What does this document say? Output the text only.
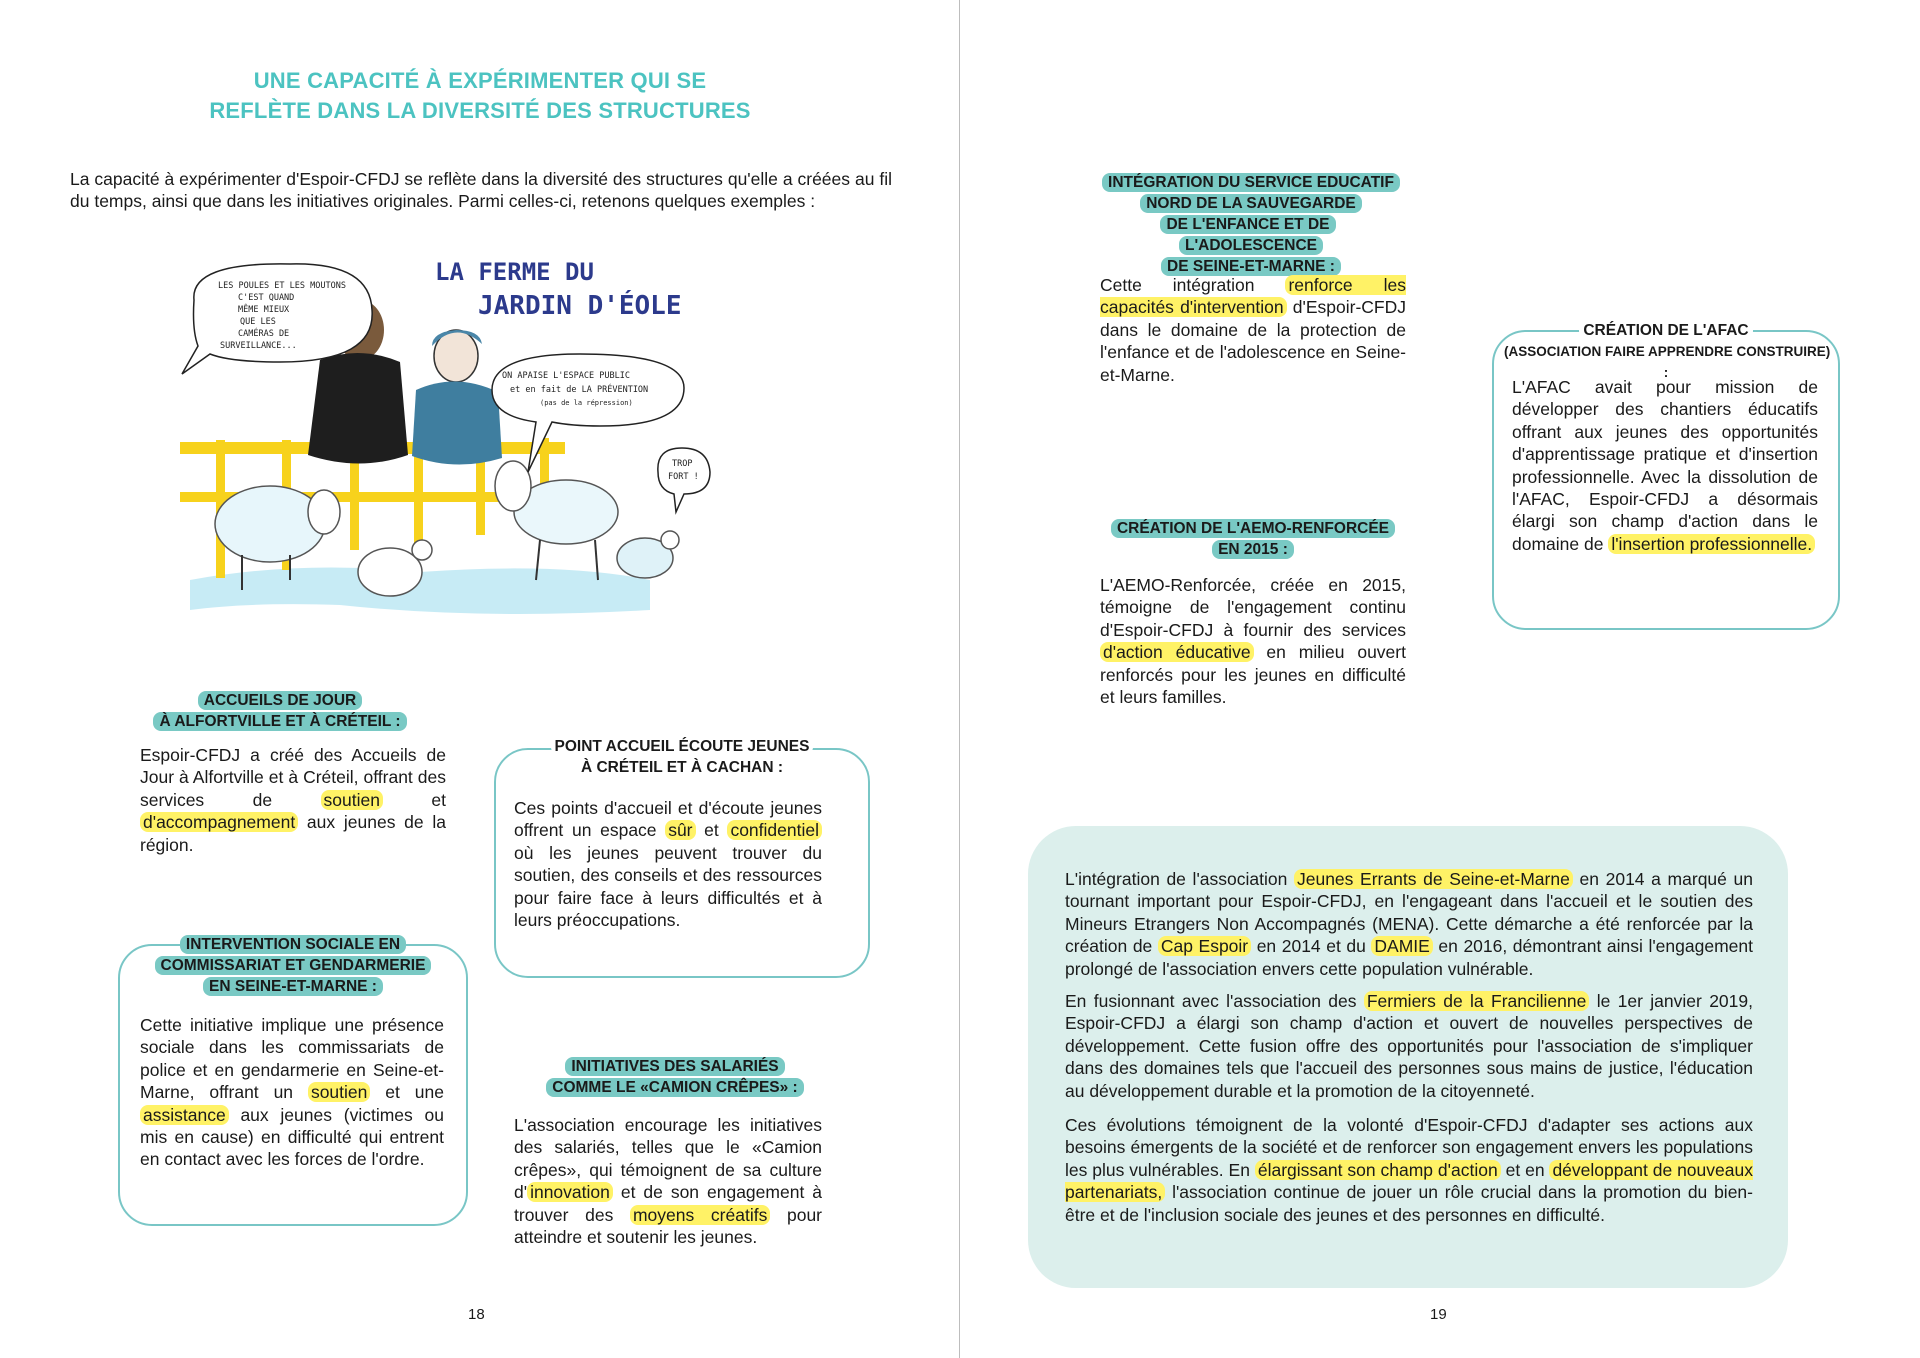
UNE CAPACITÉ À EXPÉRIMENTER QUI SE
REFLÈTE DANS LA DIVERSITÉ DES STRUCTURES
La capacité à expérimenter d'Espoir-CFDJ se reflète dans la diversité des structures qu'elle a créées au fil du temps, ainsi que dans les initiatives originales. Parmi celles-ci, retenons quelques exemples :
LA FERME DU
JARDIN D'ÉOLE
LES POULES ET LES MOUTONS
C'EST QUAND
MÊME MIEUX
QUE LES
CAMÉRAS DE
SURVEILLANCE...
ON APAISE L'ESPACE PUBLIC
et en fait de LA PRÉVENTION
(pas de la répression)
TROP
FORT !
ACCUEILS DE JOUR
À ALFORTVILLE ET À CRÉTEIL :
Espoir-CFDJ a créé des Accueils de Jour à Alfortville et à Créteil, offrant des services de soutien et d'accompagnement aux jeunes de la région.
POINT ACCUEIL ÉCOUTE JEUNES
À CRÉTEIL ET À CACHAN :
Ces points d'accueil et d'écoute jeunes offrent un espace sûr et confidentiel où les jeunes peuvent trouver du soutien, des conseils et des ressources pour faire face à leurs difficultés et à leurs préoccupations.
INTERVENTION SOCIALE EN
COMMISSARIAT ET GENDARMERIE
EN SEINE-ET-MARNE :
Cette initiative implique une présence sociale dans les commissariats de police et en gendarmerie en Seine-et-Marne, offrant un soutien et une assistance aux jeunes (victimes ou mis en cause) en difficulté qui entrent en contact avec les forces de l'ordre.
INITIATIVES DES SALARIÉS
COMME LE «CAMION CRÊPES» :
L'association encourage les initiatives des salariés, telles que le «Camion crêpes», qui témoignent de sa culture d' innovation et de son engagement à trouver des moyens créatifs pour atteindre et soutenir les jeunes.
18
INTÉGRATION DU SERVICE EDUCATIF
NORD DE LA SAUVEGARDE
DE L'ENFANCE ET DE L'ADOLESCENCE
DE SEINE-ET-MARNE :
Cette intégration renforce les capacités d'intervention d'Espoir-CFDJ dans le domaine de la protection de l'enfance et de l'adolescence en Seine-et-Marne.
CRÉATION DE L'AFAC
(ASSOCIATION FAIRE APPRENDRE CONSTRUIRE) :
L'AFAC avait pour mission de développer des chantiers éducatifs offrant aux jeunes des opportunités d'apprentissage pratique et d'insertion professionnelle. Avec la dissolution de l'AFAC, Espoir-CFDJ a désormais élargi son champ d'action dans le domaine de l'insertion professionnelle.
CRÉATION DE L'AEMO-RENFORCÉE
EN 2015 :
L'AEMO-Renforcée, créée en 2015, témoigne de l'engagement continu d'Espoir-CFDJ à fournir des services d'action éducative en milieu ouvert renforcés pour les jeunes en difficulté et leurs familles.
L'intégration de l'association Jeunes Errants de Seine-et-Marne en 2014 a marqué un tournant important pour Espoir-CFDJ, en l'engageant dans l'accueil et le soutien des Mineurs Etrangers Non Accompagnés (MENA). Cette démarche a été renforcée par la création de Cap Espoir en 2014 et du DAMIE en 2016, démontrant ainsi l'engagement prolongé de l'association envers cette population vulnérable.
En fusionnant avec l'association des Fermiers de la Francilienne le 1er janvier 2019, Espoir-CFDJ a élargi son champ d'action et ouvert de nouvelles perspectives de développement. Cette fusion offre des opportunités pour l'association de s'impliquer dans des domaines tels que l'accueil des personnes sous mains de justice, l'éducation au développement durable et la promotion de la citoyenneté.
Ces évolutions témoignent de la volonté d'Espoir-CFDJ d'adapter ses actions aux besoins émergents de la société et de renforcer son engagement envers les populations les plus vulnérables. En élargissant son champ d'action et en développant de nouveaux partenariats, l'association continue de jouer un rôle crucial dans la promotion du bien-être et de l'inclusion sociale des jeunes et des personnes en difficulté.
19
